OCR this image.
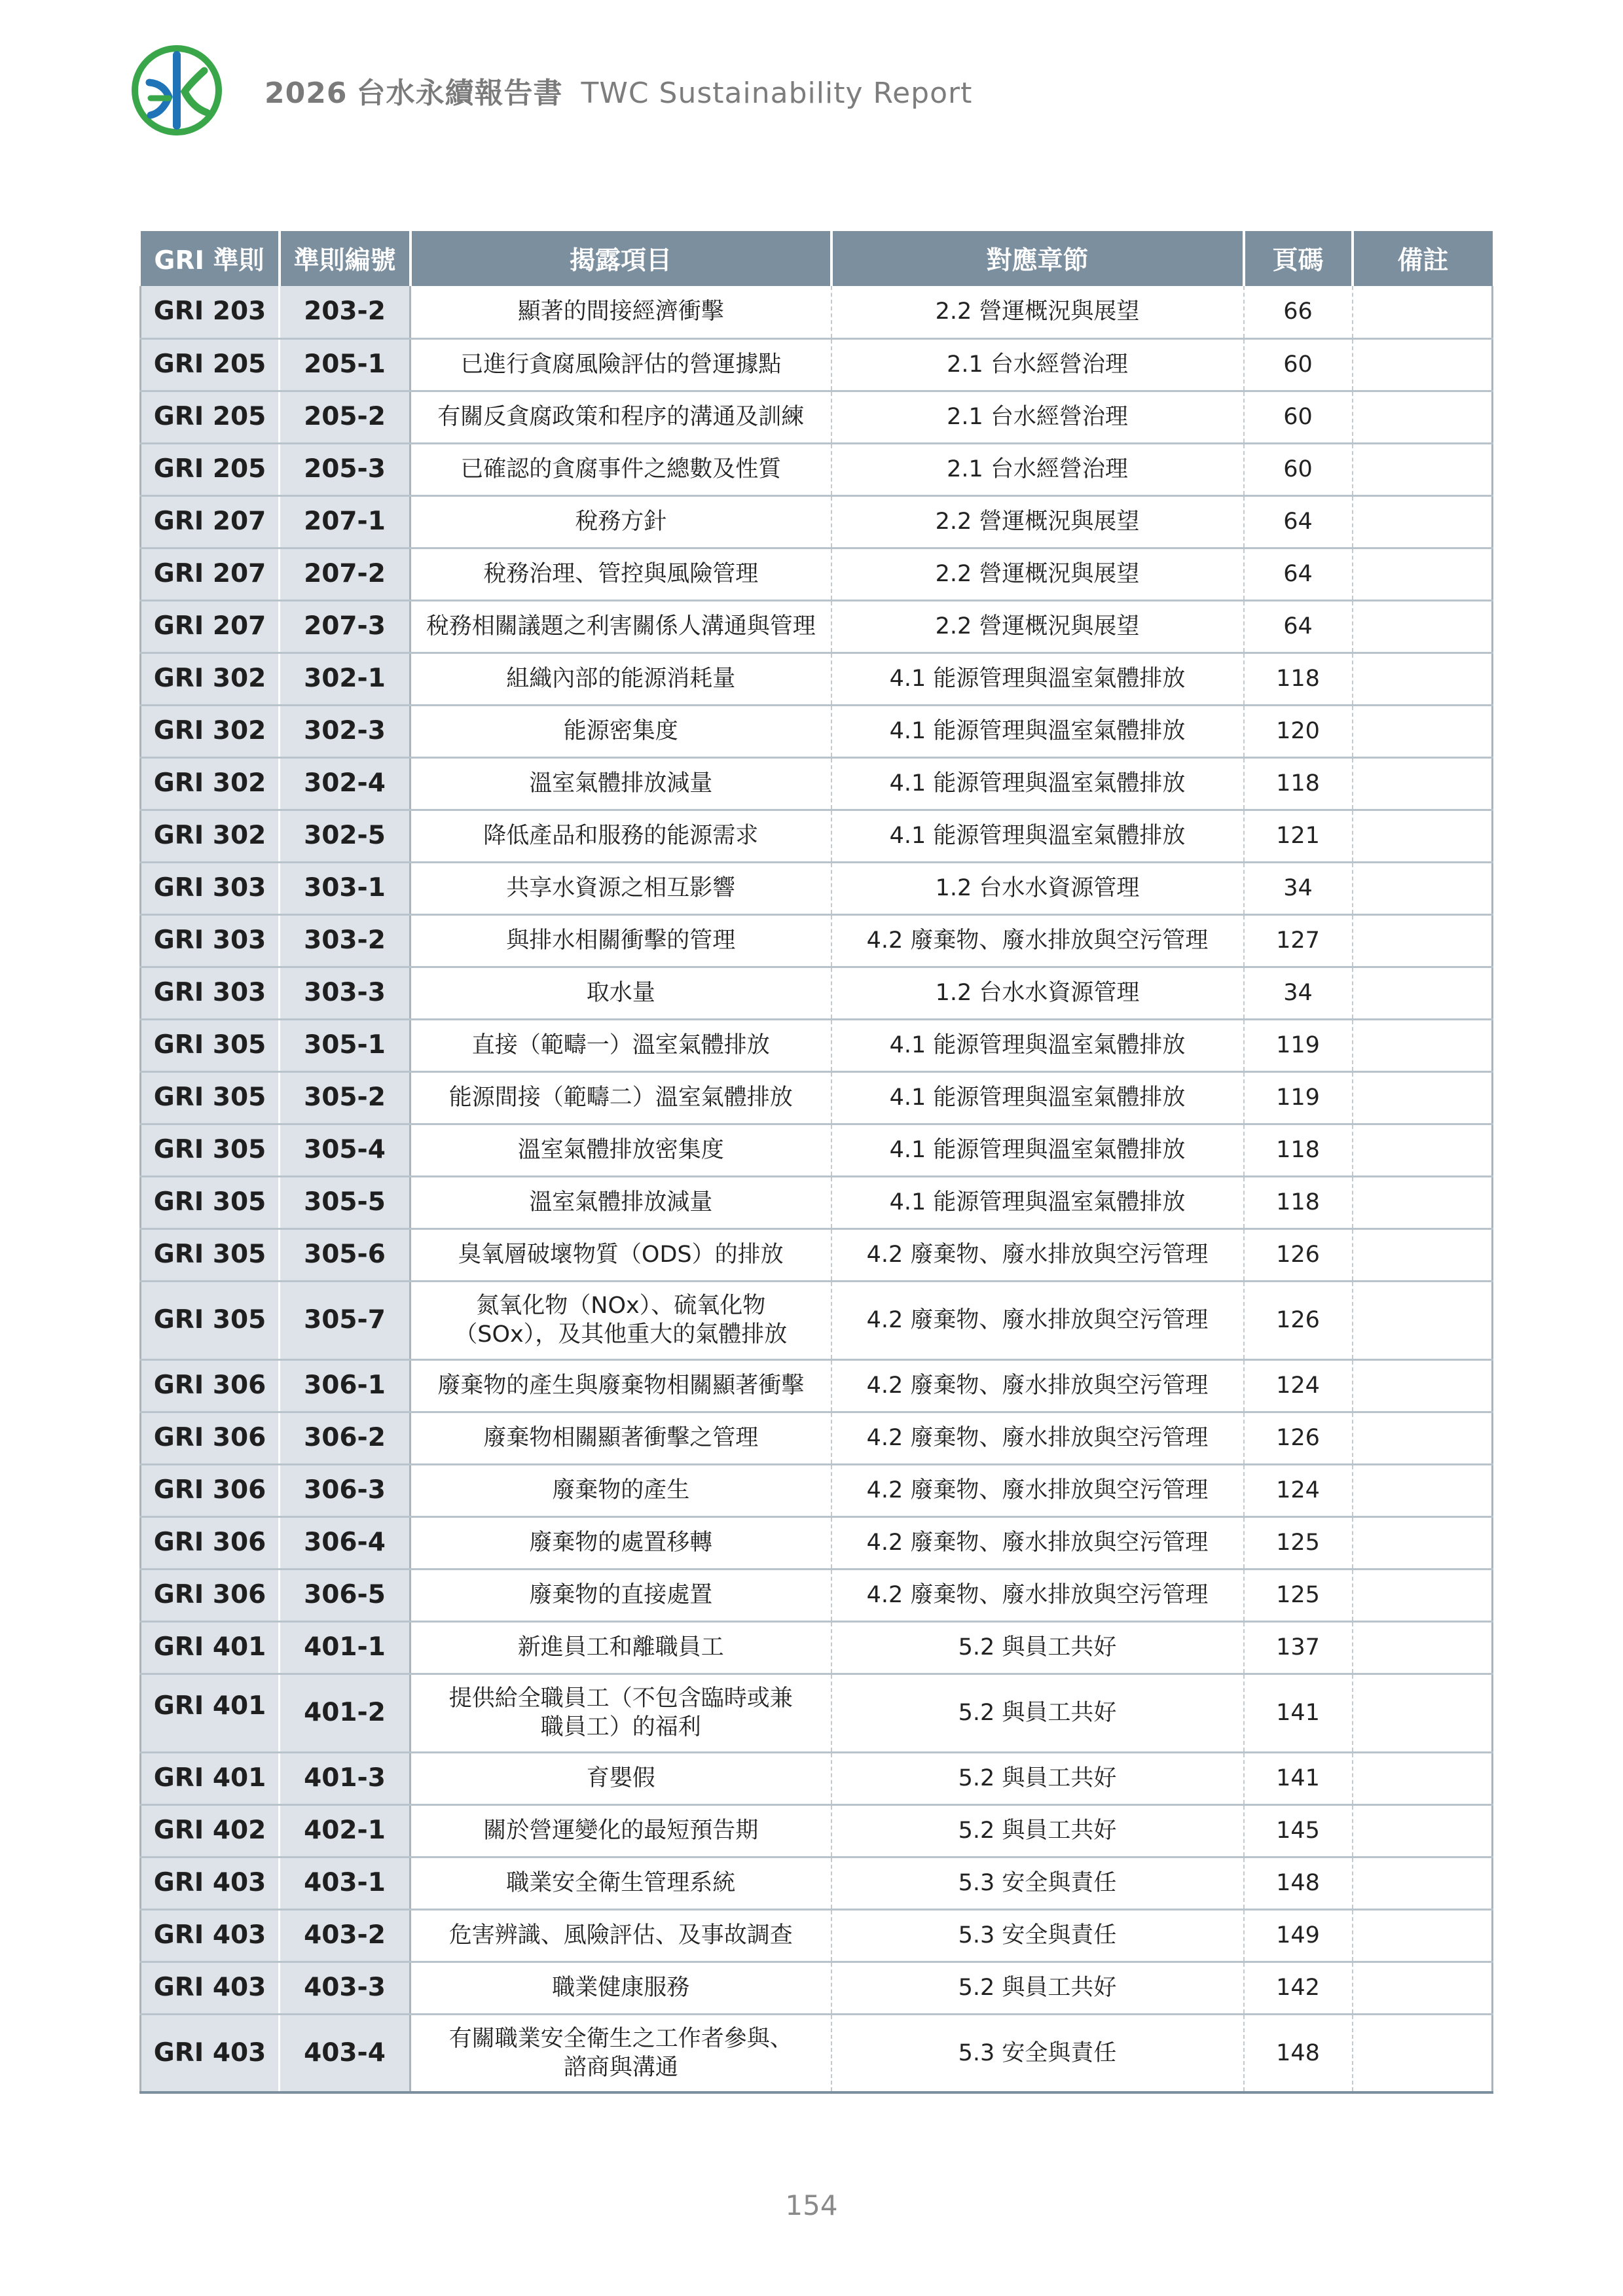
2026 台水永續報告書 TWC Sustainability Report
GRI 準則	準則編號	揭露項目	對應章節	頁碼	備註
GRI 203	203-2	顯著的間接經濟衝擊	2.2 營運概況與展望	66	
GRI 205	205-1	已進行貪腐風險評估的營運據點	2.1 台水經營治理	60	
GRI 205	205-2	有關反貪腐政策和程序的溝通及訓練	2.1 台水經營治理	60	
GRI 205	205-3	已確認的貪腐事件之總數及性質	2.1 台水經營治理	60	
GRI 207	207-1	稅務方針	2.2 營運概況與展望	64	
GRI 207	207-2	稅務治理、管控與風險管理	2.2 營運概況與展望	64	
GRI 207	207-3	稅務相關議題之利害關係人溝通與管理	2.2 營運概況與展望	64	
GRI 302	302-1	組織內部的能源消耗量	4.1 能源管理與溫室氣體排放	118	
GRI 302	302-3	能源密集度	4.1 能源管理與溫室氣體排放	120	
GRI 302	302-4	溫室氣體排放減量	4.1 能源管理與溫室氣體排放	118	
GRI 302	302-5	降低產品和服務的能源需求	4.1 能源管理與溫室氣體排放	121	
GRI 303	303-1	共享水資源之相互影響	1.2 台水水資源管理	34	
GRI 303	303-2	與排水相關衝擊的管理	4.2 廢棄物、廢水排放與空污管理	127	
GRI 303	303-3	取水量	1.2 台水水資源管理	34	
GRI 305	305-1	直接（範疇一）溫室氣體排放	4.1 能源管理與溫室氣體排放	119	
GRI 305	305-2	能源間接（範疇二）溫室氣體排放	4.1 能源管理與溫室氣體排放	119	
GRI 305	305-4	溫室氣體排放密集度	4.1 能源管理與溫室氣體排放	118	
GRI 305	305-5	溫室氣體排放減量	4.1 能源管理與溫室氣體排放	118	
GRI 305	305-6	臭氧層破壞物質（ODS）的排放	4.2 廢棄物、廢水排放與空污管理	126	
GRI 305	305-7	氮氧化物（NOx）、硫氧化物
（SOx），及其他重大的氣體排放	4.2 廢棄物、廢水排放與空污管理	126	
GRI 306	306-1	廢棄物的產生與廢棄物相關顯著衝擊	4.2 廢棄物、廢水排放與空污管理	124	
GRI 306	306-2	廢棄物相關顯著衝擊之管理	4.2 廢棄物、廢水排放與空污管理	126	
GRI 306	306-3	廢棄物的產生	4.2 廢棄物、廢水排放與空污管理	124	
GRI 306	306-4	廢棄物的處置移轉	4.2 廢棄物、廢水排放與空污管理	125	
GRI 306	306-5	廢棄物的直接處置	4.2 廢棄物、廢水排放與空污管理	125	
GRI 401	401-1	新進員工和離職員工	5.2 與員工共好	137	
GRI 401	401-2	提供給全職員工（不包含臨時或兼
職員工）的福利	5.2 與員工共好	141	
GRI 401	401-3	育嬰假	5.2 與員工共好	141	
GRI 402	402-1	關於營運變化的最短預告期	5.2 與員工共好	145	
GRI 403	403-1	職業安全衛生管理系統	5.3 安全與責任	148	
GRI 403	403-2	危害辨識、風險評估、及事故調查	5.3 安全與責任	149	
GRI 403	403-3	職業健康服務	5.2 與員工共好	142	
GRI 403	403-4	有關職業安全衛生之工作者參與、
諮商與溝通	5.3 安全與責任	148	
154
